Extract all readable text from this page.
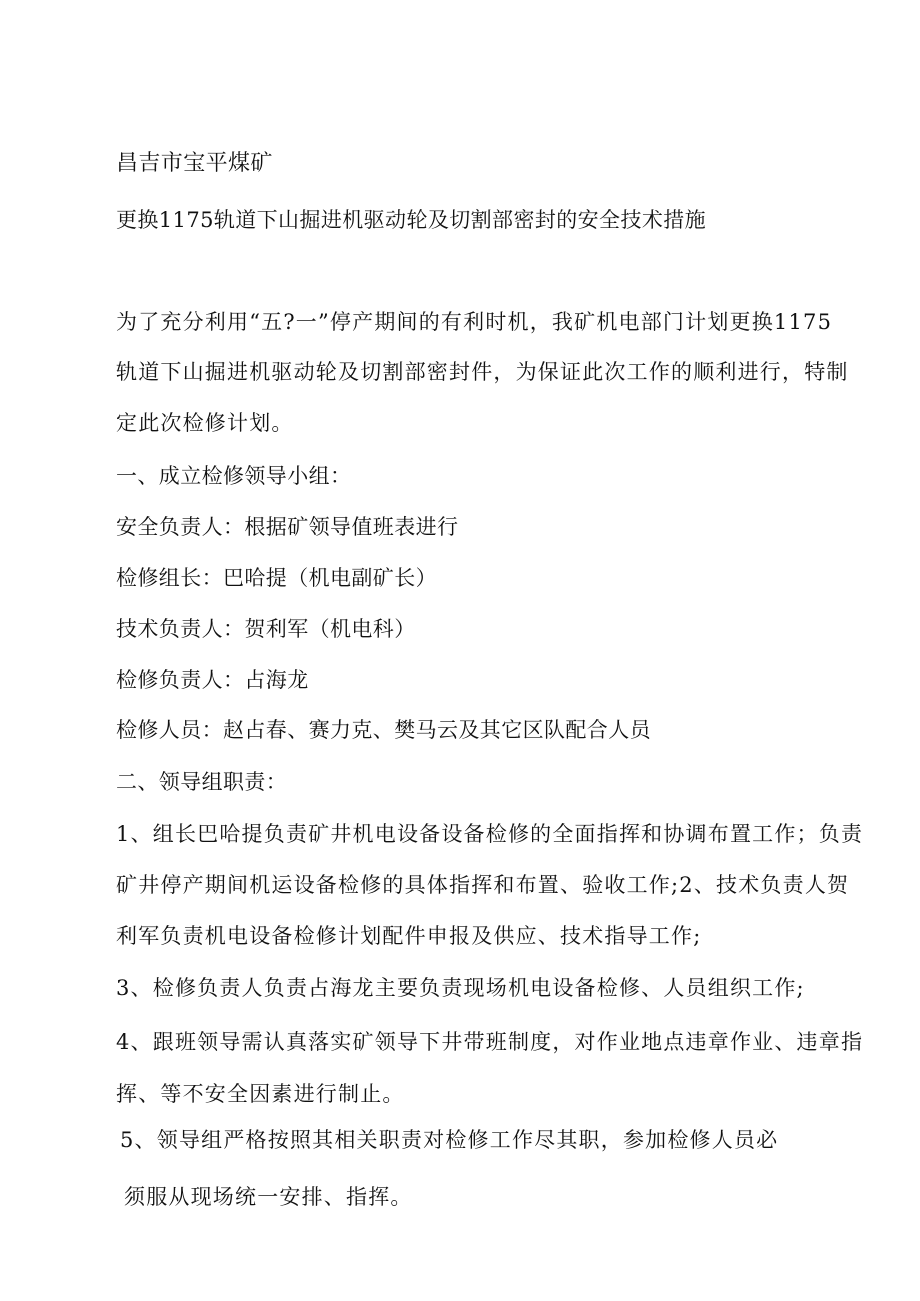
昌吉市宝平煤矿
更换1175轨道下山掘进机驱动轮及切割部密封的安全技术措施
为了充分利用“五?一”停产期间的有利时机，我矿机电部门计划更换1175
轨道下山掘进机驱动轮及切割部密封件，为保证此次工作的顺利进行，特制
定此次检修计划。
一、成立检修领导小组：
安全负责人：根据矿领导值班表进行
检修组长：巴哈提（机电副矿长）
技术负责人：贺利军（机电科）
检修负责人：占海龙
检修人员：赵占春、赛力克、樊马云及其它区队配合人员
二、领导组职责：
1、组长巴哈提负责矿井机电设备设备检修的全面指挥和协调布置工作；负责
矿井停产期间机运设备检修的具体指挥和布置、验收工作;2、技术负责人贺
利军负责机电设备检修计划配件申报及供应、技术指导工作;
3、检修负责人负责占海龙主要负责现场机电设备检修、人员组织工作;
4、跟班领导需认真落实矿领导下井带班制度，对作业地点违章作业、违章指
挥、等不安全因素进行制止。
5、领导组严格按照其相关职责对检修工作尽其职，参加检修人员必
须服从现场统一安排、指挥。
